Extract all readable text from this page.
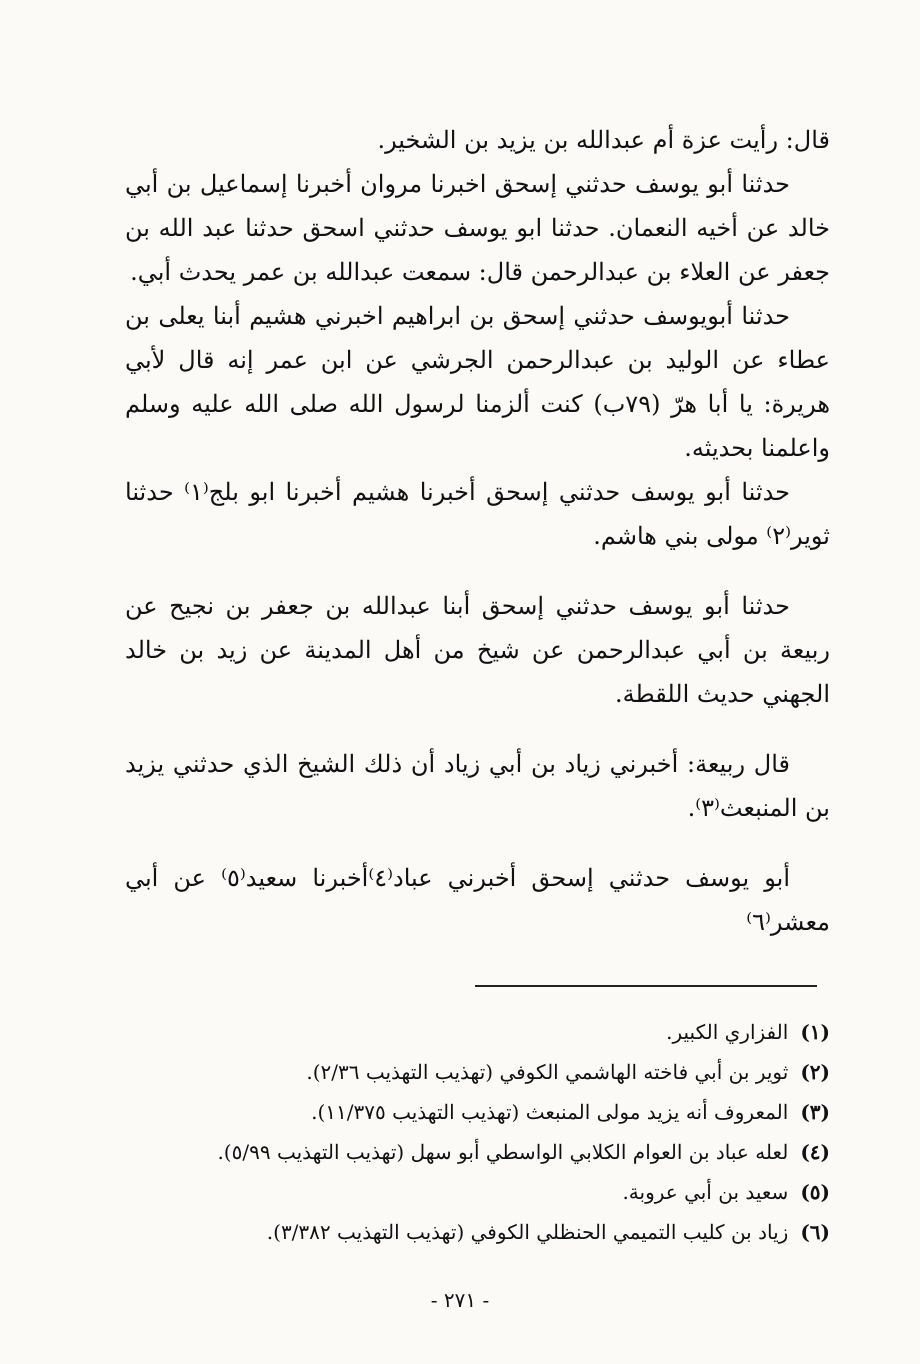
قال: رأيت عزة أم عبدالله بن يزيد بن الشخير.

حدثنا أبو يوسف حدثني إسحق اخبرنا مروان أخبرنا إسماعيل بن أبي خالد عن أخيه النعمان. حدثنا ابو يوسف حدثني اسحق حدثنا عبد الله بن جعفر عن العلاء بن عبدالرحمن قال: سمعت عبدالله بن عمر يحدث أبي.

حدثنا أبويوسف حدثني إسحق بن ابراهيم اخبرني هشيم أبنا يعلى بن عطاء عن الوليد بن عبدالرحمن الجرشي عن ابن عمر إنه قال لأبي هريرة: يا أبا هرّ (٧٩ب) كنت ألزمنا لرسول الله صلى الله عليه وسلم واعلمنا بحديثه.

حدثنا أبو يوسف حدثني إسحق أخبرنا هشيم أخبرنا ابو بلج⁽١⁾ حدثنا ثوير⁽٢⁾ مولى بني هاشم.

حدثنا أبو يوسف حدثني إسحق أبنا عبدالله بن جعفر بن نجيح عن ربيعة بن أبي عبدالرحمن عن شيخ من أهل المدينة عن زيد بن خالد الجهني حديث اللقطة.

قال ربيعة: أخبرني زياد بن أبي زياد أن ذلك الشيخ الذي حدثني يزيد بن المنبعث⁽٣⁾.

أبو يوسف حدثني إسحق أخبرني عباد⁽٤⁾أخبرنا سعيد⁽٥⁾ عن أبي معشر⁽٦⁾

(١)الفزاري الكبير.

(٢)ثوير بن أبي فاخته الهاشمي الكوفي (تهذيب التهذيب ٢/٣٦).

(٣)المعروف أنه يزيد مولى المنبعث (تهذيب التهذيب ١١/٣٧٥).

(٤)لعله عباد بن العوام الكلابي الواسطي أبو سهل (تهذيب التهذيب ٥/٩٩).

(٥)سعيد بن أبي عروبة.

(٦)زياد بن كليب التميمي الحنظلي الكوفي (تهذيب التهذيب ٣/٣٨٢).

- ٢٧١ -
